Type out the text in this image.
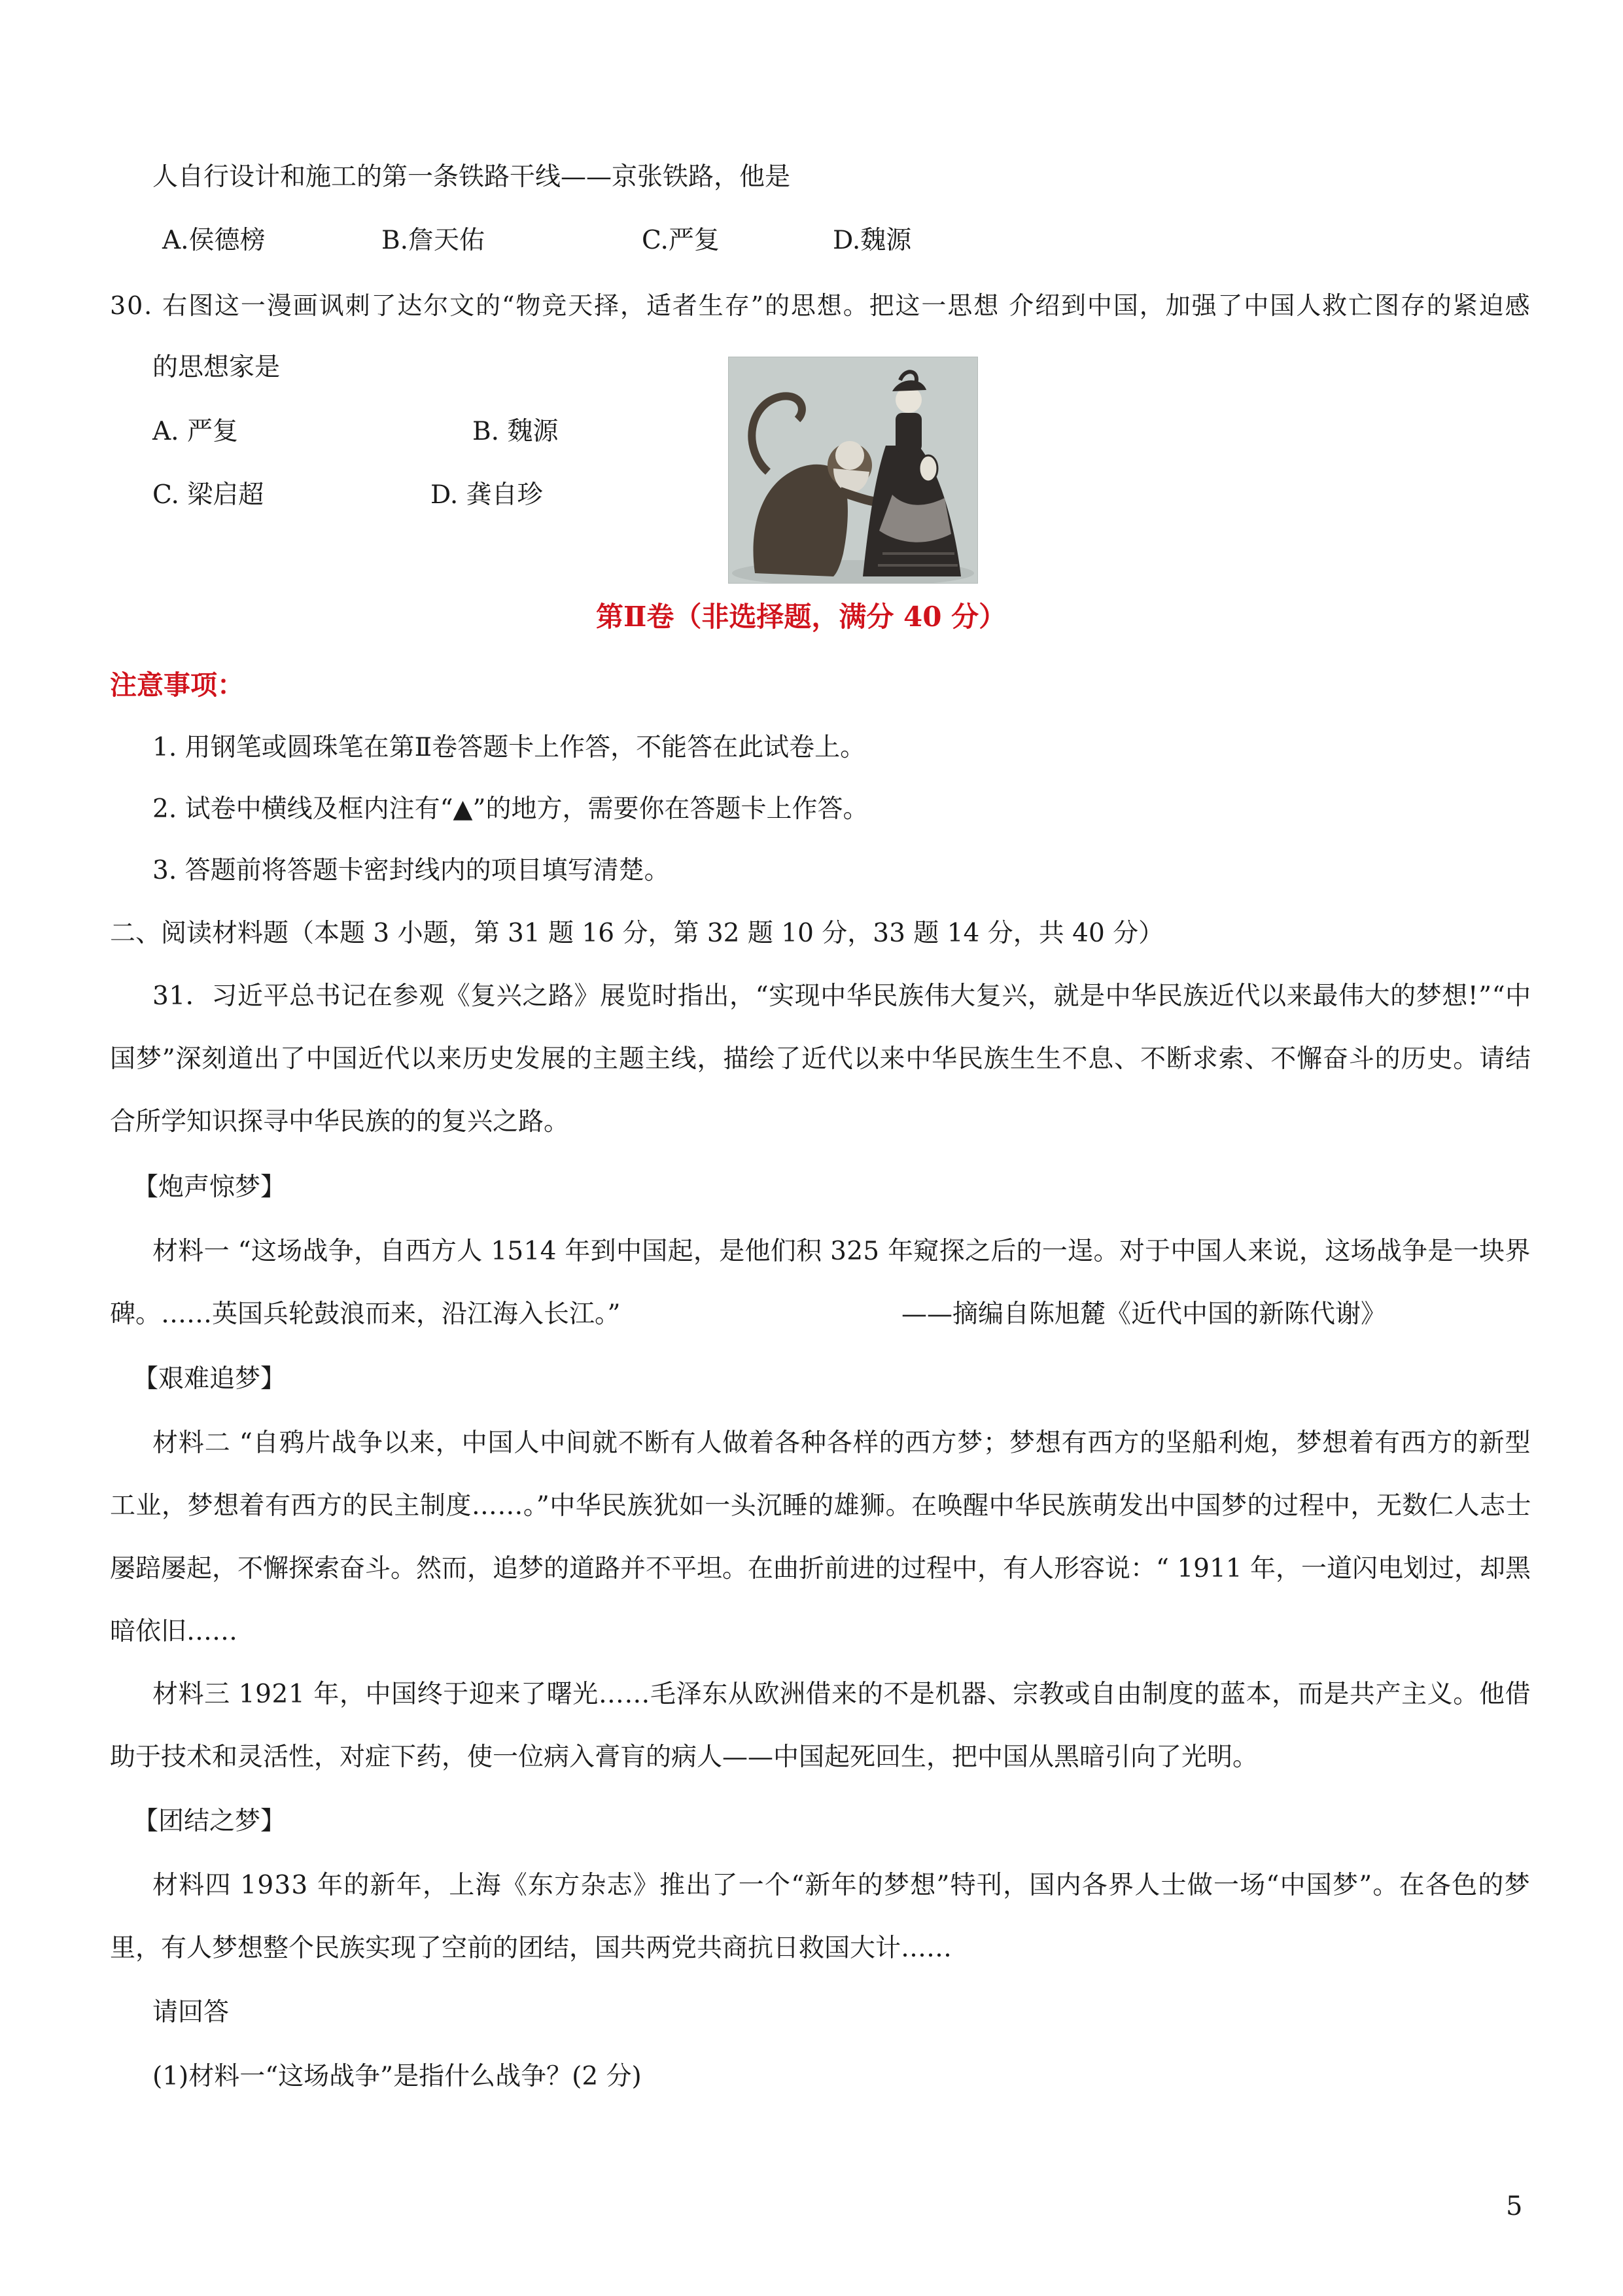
人自行设计和施工的第一条铁路干线——京张铁路，他是
A.侯德榜	B.詹天佑	C.严复	D.魏源
30. 右图这一漫画讽刺了达尔文的“物竞天择，适者生存”的思想。把这一思想 介绍到中国，加强了中国人救亡图存的紧迫感
的思想家是
A. 严复	B. 魏源
C. 梁启超	D. 龚自珍
第Ⅱ卷（非选择题，满分 40 分）
注意事项：
1. 用钢笔或圆珠笔在第Ⅱ卷答题卡上作答，不能答在此试卷上。
2. 试卷中横线及框内注有“▲”的地方，需要你在答题卡上作答。
3. 答题前将答题卡密封线内的项目填写清楚。
二、阅读材料题（本题 3 小题，第 31 题 16 分，第 32 题 10 分，33 题 14 分，共 40 分）
31．习近平总书记在参观《复兴之路》展览时指出，“实现中华民族伟大复兴，就是中华民族近代以来最伟大的梦想!”“中
国梦”深刻道出了中国近代以来历史发展的主题主线，描绘了近代以来中华民族生生不息、不断求索、不懈奋斗的历史。请结
合所学知识探寻中华民族的的复兴之路。
【炮声惊梦】
材料一 “这场战争，自西方人 1514 年到中国起，是他们积 325 年窥探之后的一逞。对于中国人来说，这场战争是一块界
碑。……英国兵轮鼓浪而来，沿江海入长江。”	——摘编自陈旭麓《近代中国的新陈代谢》
【艰难追梦】
材料二 “自鸦片战争以来，中国人中间就不断有人做着各种各样的西方梦；梦想有西方的坚船利炮，梦想着有西方的新型
工业，梦想着有西方的民主制度……。”中华民族犹如一头沉睡的雄狮。在唤醒中华民族萌发出中国梦的过程中，无数仁人志士
屡踣屡起，不懈探索奋斗。然而，追梦的道路并不平坦。在曲折前进的过程中，有人形容说：“ 1911 年，一道闪电划过，却黑
暗依旧……
材料三 1921 年，中国终于迎来了曙光……毛泽东从欧洲借来的不是机器、宗教或自由制度的蓝本，而是共产主义。他借
助于技术和灵活性，对症下药，使一位病入膏肓的病人——中国起死回生，把中国从黑暗引向了光明。
【团结之梦】
材料四 1933 年的新年，上海《东方杂志》推出了一个“新年的梦想”特刊，国内各界人士做一场“中国梦”。在各色的梦
里，有人梦想整个民族实现了空前的团结，国共两党共商抗日救国大计……
请回答
(1)材料一“这场战争”是指什么战争？(2 分)
5
